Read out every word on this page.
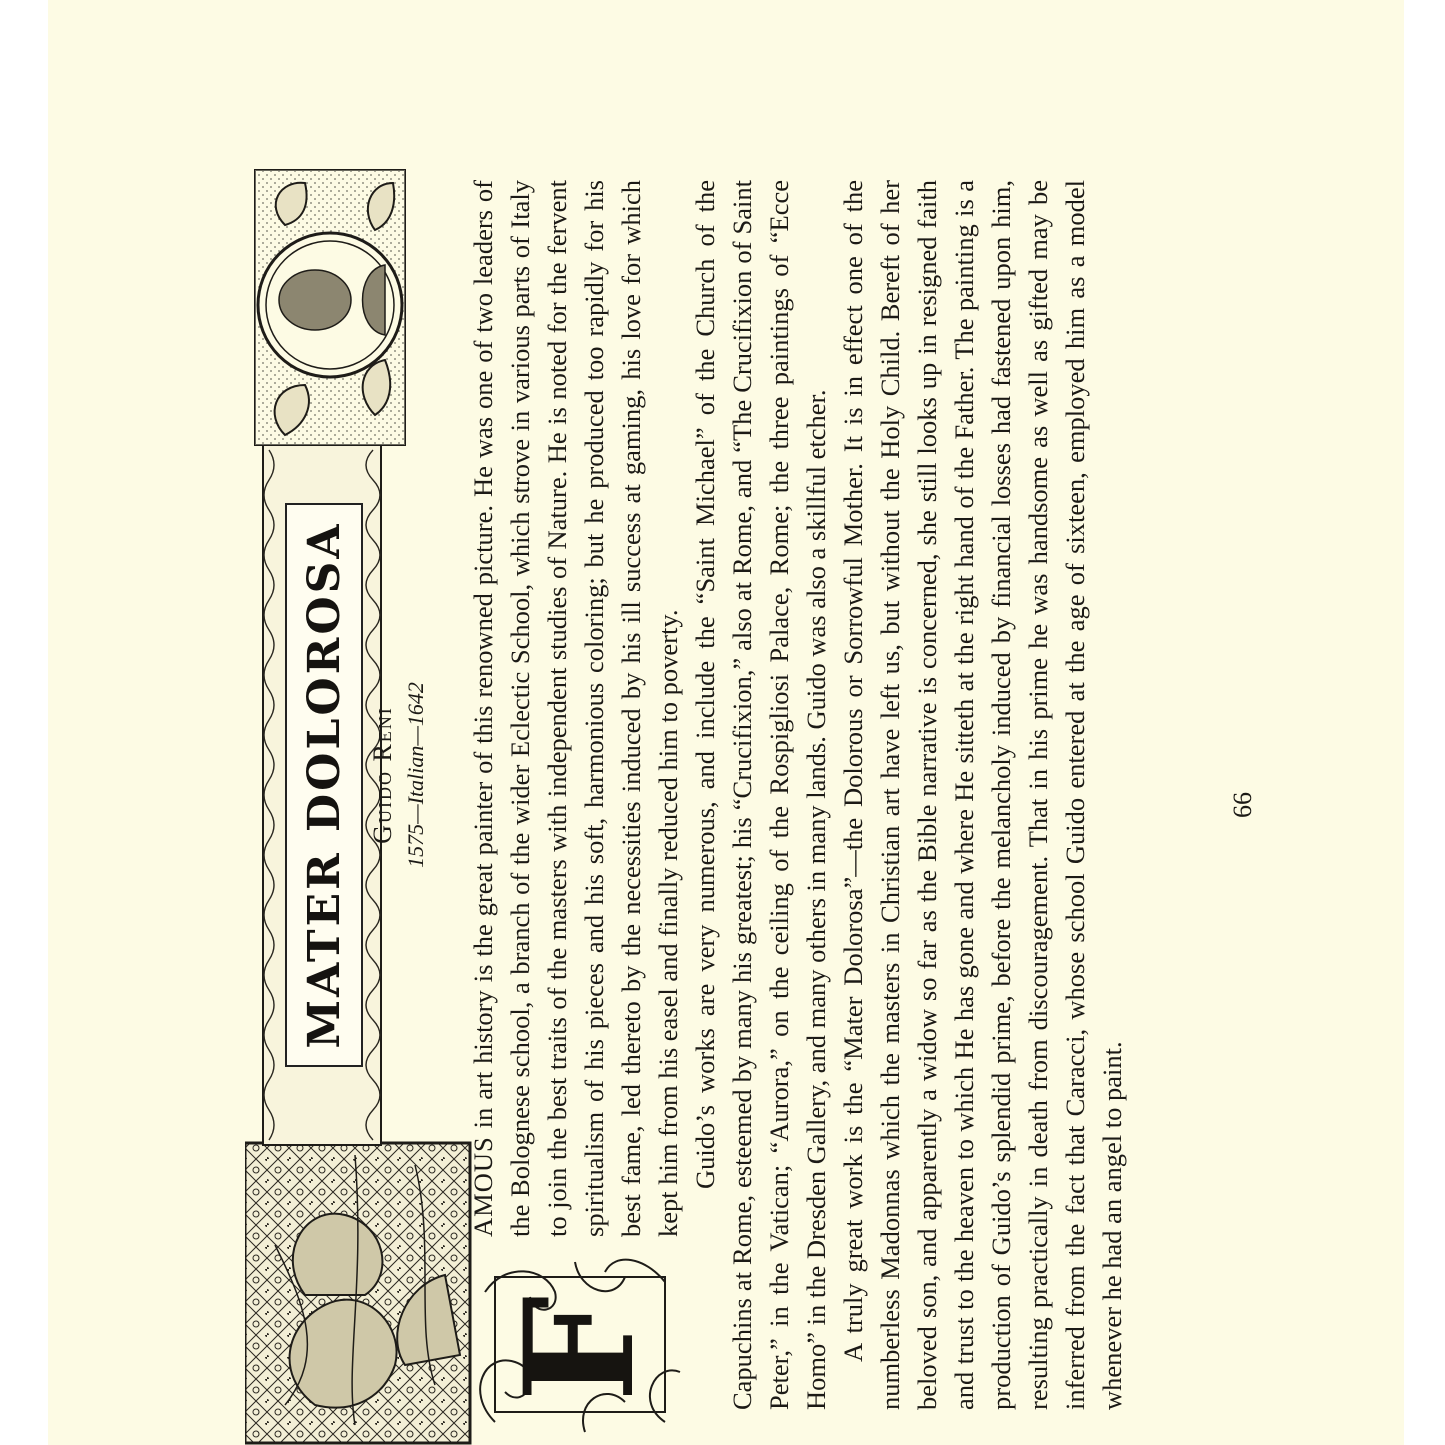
MATER DOLOROSA Guido Reni 1575—Italian—1642

F
AMOUS in art history is the great painter of this renowned picture. He was one of two leaders of the Bolognese school, a branch of the wider Eclectic School, which strove in various parts of Italy to join the best traits of the masters with independent studies of Nature. He is noted for the fervent spiritualism of his pieces and his soft, harmonious coloring; but he produced too rapidly for his best fame, led thereto by the necessities induced by his ill success at gaming, his love for which kept him from his easel and finally reduced him to poverty. Guido’s works are very numerous, and include the “Saint Michael” of the Church of the Capuchins at Rome, esteemed by many his greatest; his “Crucifixion,” also at Rome, and “The Crucifixion of Saint Peter,” in the Vatican; “Aurora,” on the ceiling of the Rospigliosi Palace, Rome; the three paintings of “Ecce Homo” in the Dresden Gallery, and many others in many lands. Guido was also a skillful etcher. A truly great work is the “Mater Dolorosa”—the Dolorous or Sorrowful Mother. It is in effect one of the numberless Madonnas which the masters in Christian art have left us, but without the Holy Child. Bereft of her beloved son, and apparently a widow so far as the Bible narrative is concerned, she still looks up in resigned faith and trust to the heaven to which He has gone and where He sitteth at the right hand of the Father. The painting is a production of Guido’s splendid prime, before the melancholy induced by financial losses had fastened upon him, resulting practically in death from discouragement. That in his prime he was handsome as well as gifted may be inferred from the fact that Caracci, whose school Guido entered at the age of sixteen, employed him as a model whenever he had an angel to paint.

66
